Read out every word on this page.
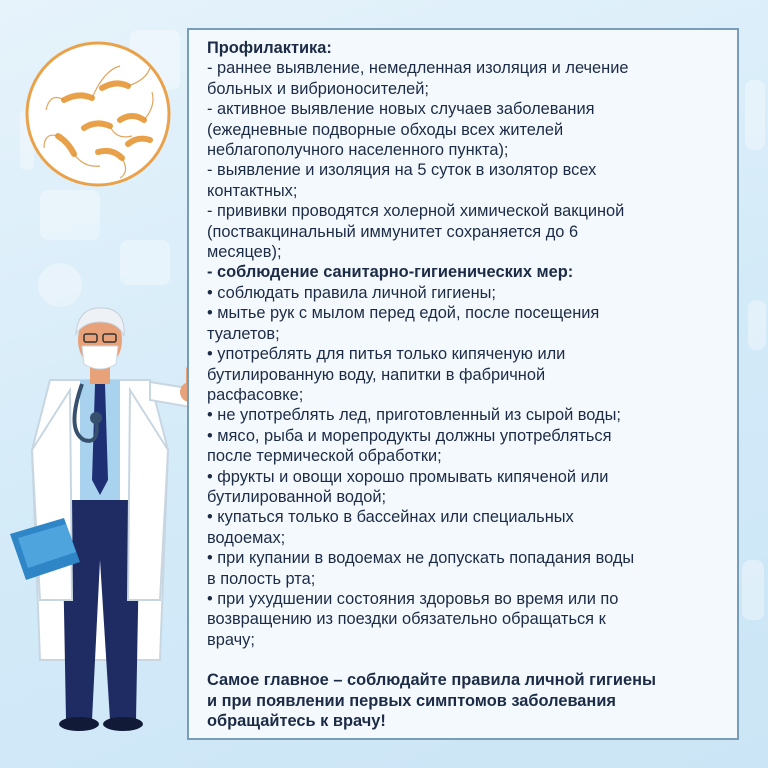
Профилактика:
- раннее выявление, немедленная изоляция и лечение
больных и вибрионосителей;
- активное выявление новых случаев заболевания
(ежедневные подворные обходы всех жителей
неблагополучного населенного пункта);
- выявление и изоляция на 5 суток в изолятор всех
контактных;
- прививки проводятся холерной химической вакциной
(поствакцинальный иммунитет сохраняется до 6
месяцев);
- соблюдение санитарно-гигиенических мер:
• соблюдать правила личной гигиены;
• мытье рук с мылом перед едой, после посещения
туалетов;
• употреблять для питья только кипяченую или
бутилированную воду, напитки в фабричной
расфасовке;
• не употреблять лед, приготовленный из сырой воды;
• мясо, рыба и морепродукты должны употребляться
после термической обработки;
• фрукты и овощи хорошо промывать кипяченой или
бутилированной водой;
• купаться только в бассейнах или специальных
водоемах;
• при купании в водоемах не допускать попадания воды
в полость рта;
• при ухудшении состояния здоровья во время или по
возвращению из поездки обязательно обращаться к
врачу;
Самое главное – соблюдайте правила личной гигиены
и при появлении первых симптомов заболевания
обращайтесь к врачу!
